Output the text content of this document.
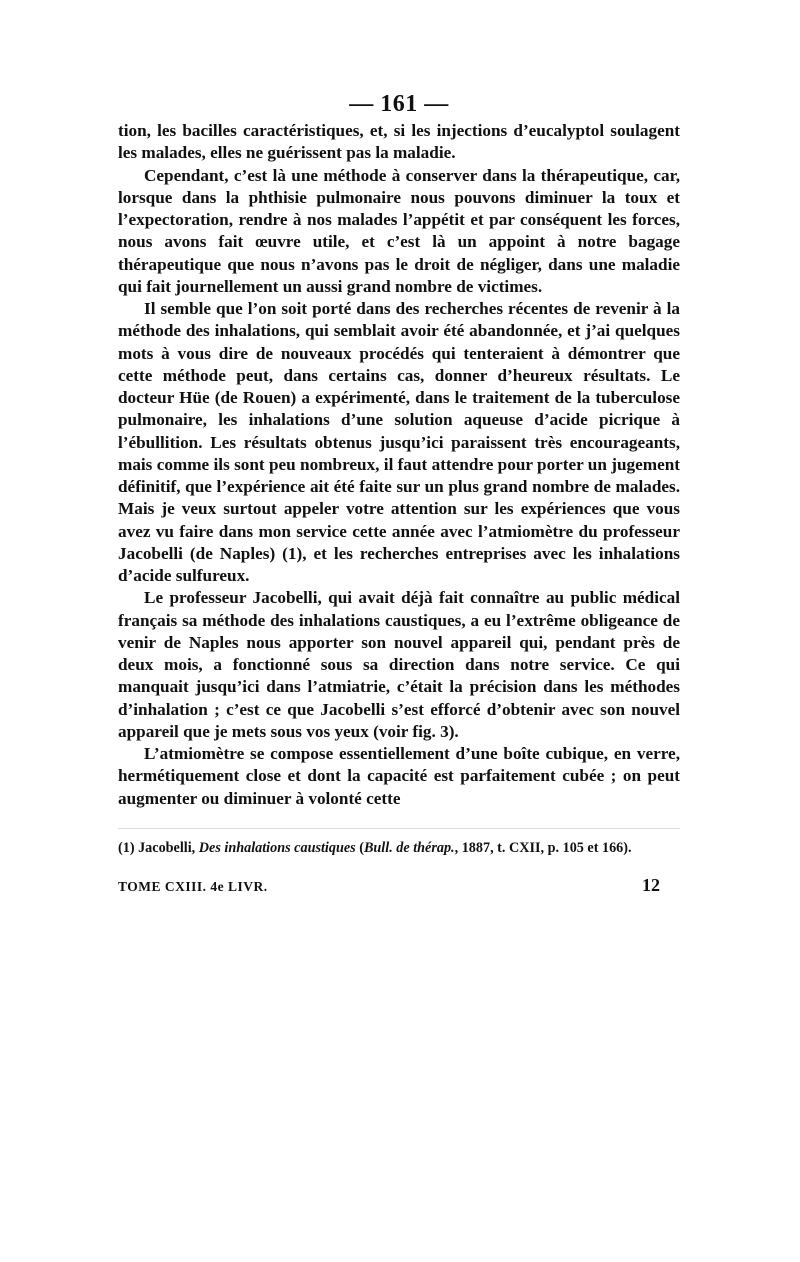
— 161 —

tion, les bacilles caractéristiques, et, si les injections d’eucalyptol soulagent les malades, elles ne guérissent pas la maladie.

Cependant, c’est là une méthode à conserver dans la thérapeutique, car, lorsque dans la phthisie pulmonaire nous pouvons diminuer la toux et l’expectoration, rendre à nos malades l’appétit et par conséquent les forces, nous avons fait œuvre utile, et c’est là un appoint à notre bagage thérapeutique que nous n’avons pas le droit de négliger, dans une maladie qui fait journellement un aussi grand nombre de victimes.

Il semble que l’on soit porté dans des recherches récentes de revenir à la méthode des inhalations, qui semblait avoir été abandonnée, et j’ai quelques mots à vous dire de nouveaux procédés qui tenteraient à démontrer que cette méthode peut, dans certains cas, donner d’heureux résultats. Le docteur Hüe (de Rouen) a expérimenté, dans le traitement de la tuberculose pulmonaire, les inhalations d’une solution aqueuse d’acide picrique à l’ébullition. Les résultats obtenus jusqu’ici paraissent très encourageants, mais comme ils sont peu nombreux, il faut attendre pour porter un jugement définitif, que l’expérience ait été faite sur un plus grand nombre de malades. Mais je veux surtout appeler votre attention sur les expériences que vous avez vu faire dans mon service cette année avec l’atmiomètre du professeur Jacobelli (de Naples) (1), et les recherches entreprises avec les inhalations d’acide sulfureux.

Le professeur Jacobelli, qui avait déjà fait connaître au public médical français sa méthode des inhalations caustiques, a eu l’extrême obligeance de venir de Naples nous apporter son nouvel appareil qui, pendant près de deux mois, a fonctionné sous sa direction dans notre service. Ce qui manquait jusqu’ici dans l’atmiatrie, c’était la précision dans les méthodes d’inhalation ; c’est ce que Jacobelli s’est efforcé d’obtenir avec son nouvel appareil que je mets sous vos yeux (voir fig. 3).

L’atmiomètre se compose essentiellement d’une boîte cubique, en verre, hermétiquement close et dont la capacité est parfaitement cubée ; on peut augmenter ou diminuer à volonté cette

(1) Jacobelli, Des inhalations caustiques (Bull. de thérap., 1887, t. CXII, p. 105 et 166).

TOME CXIII. 4e LIVR.	12
